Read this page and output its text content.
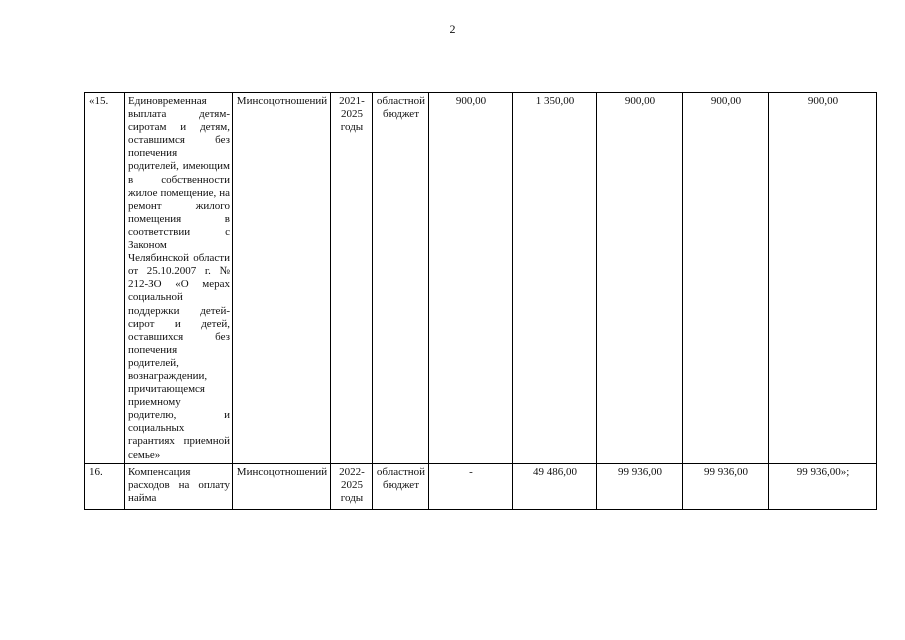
2
«15.	Единовременная выплата детям-сиротам и детям, оставшимся без попечения родителей, имеющим в собственности жилое помещение, на ремонт жилого помещения в соответствии с Законом Челябинской области от 25.10.2007 г. № 212-ЗО «О мерах социальной поддержки детей-сирот и детей, оставшихся без попечения родителей, вознаграждении, причитающемся приемному родителю, и социальных гарантиях приемной семье»	Минсоцотношений	2021-2025 годы	областной бюджет	900,00	1 350,00	900,00	900,00	900,00
16.	Компенсация расходов на оплату найма	Минсоцотношений	2022-2025 годы	областной бюджет	-	49 486,00	99 936,00	99 936,00	99 936,00»;
